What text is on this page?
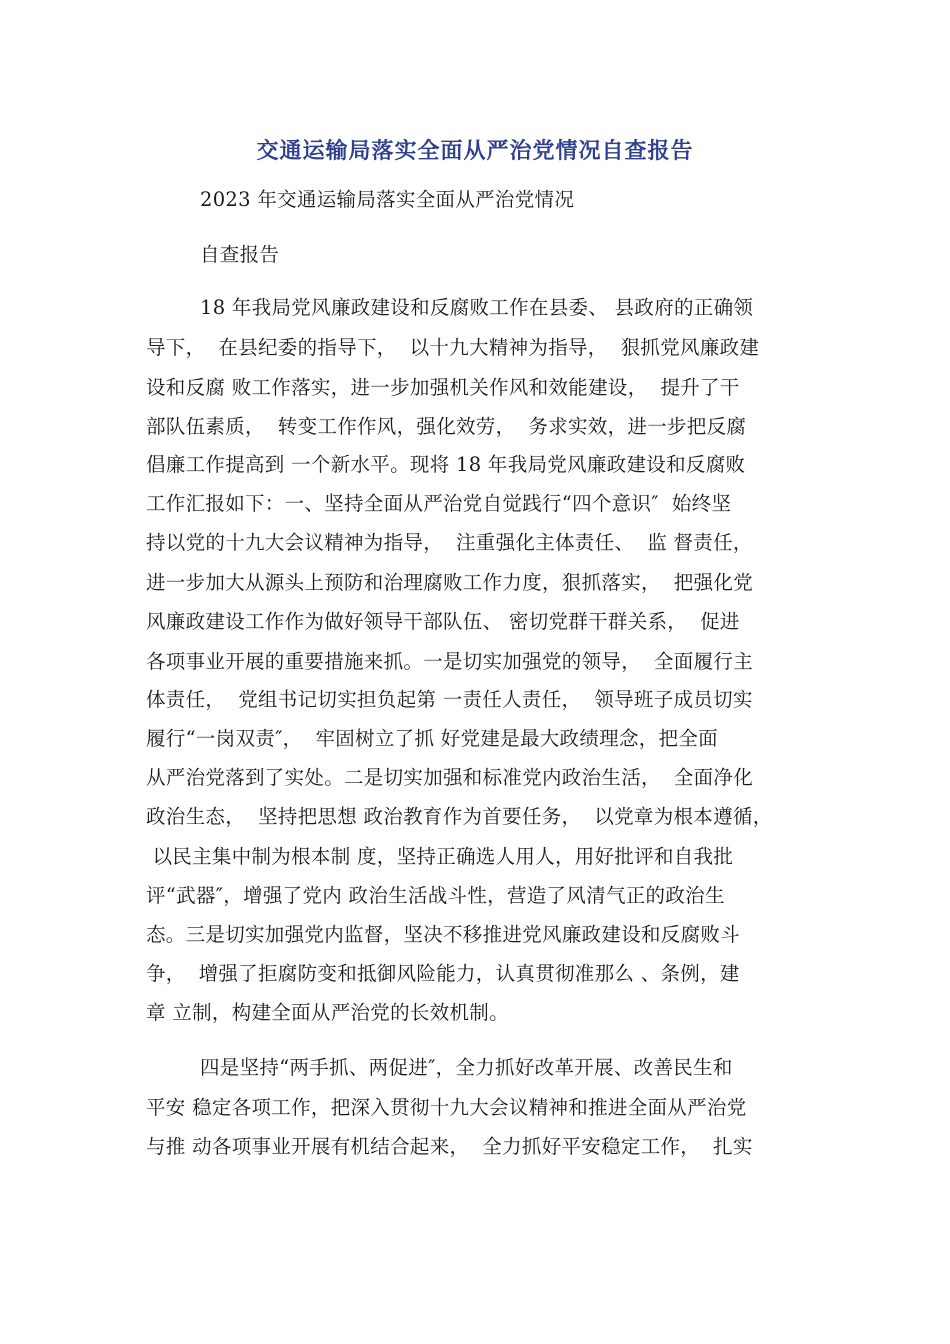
交通运输局落实全面从严治党情况自查报告
2023 年交通运输局落实全面从严治党情况
自查报告
18 年我局党风廉政建设和反腐败工作在县委、 县政府的正确领
导下，  在县纪委的指导下，  以十九大精神为指导，  狠抓党风廉政建
设和反腐 败工作落实，进一步加强机关作风和效能建设，  提升了干
部队伍素质，  转变工作作风，强化效劳，  务求实效，进一步把反腐
倡廉工作提高到 一个新水平。现将 18 年我局党风廉政建设和反腐败
工作汇报如下：一、坚持全面从严治党自觉践行“四个意识″  始终坚
持以党的十九大会议精神为指导，  注重强化主体责任、  监 督责任，
进一步加大从源头上预防和治理腐败工作力度，狠抓落实，  把强化党
风廉政建设工作作为做好领导干部队伍、 密切党群干群关系，  促进
各项事业开展的重要措施来抓。一是切实加强党的领导，  全面履行主
体责任，  党组书记切实担负起第 一责任人责任，  领导班子成员切实
履行“一岗双责″，  牢固树立了抓 好党建是最大政绩理念，把全面
从严治党落到了实处。二是切实加强和标准党内政治生活，  全面净化
政治生态，  坚持把思想 政治教育作为首要任务，  以党章为根本遵循，
以民主集中制为根本制 度，坚持正确选人用人，用好批评和自我批
评“武器″，增强了党内 政治生活战斗性，营造了风清气正的政治生
态。三是切实加强党内监督，坚决不移推进党风廉政建设和反腐败斗
争，  增强了拒腐防变和抵御风险能力，认真贯彻准那么 、条例，建
章 立制，构建全面从严治党的长效机制。
四是坚持“两手抓、两促进″，全力抓好改革开展、改善民生和
平安 稳定各项工作，把深入贯彻十九大会议精神和推进全面从严治党
与推 动各项事业开展有机结合起来，  全力抓好平安稳定工作，  扎实
